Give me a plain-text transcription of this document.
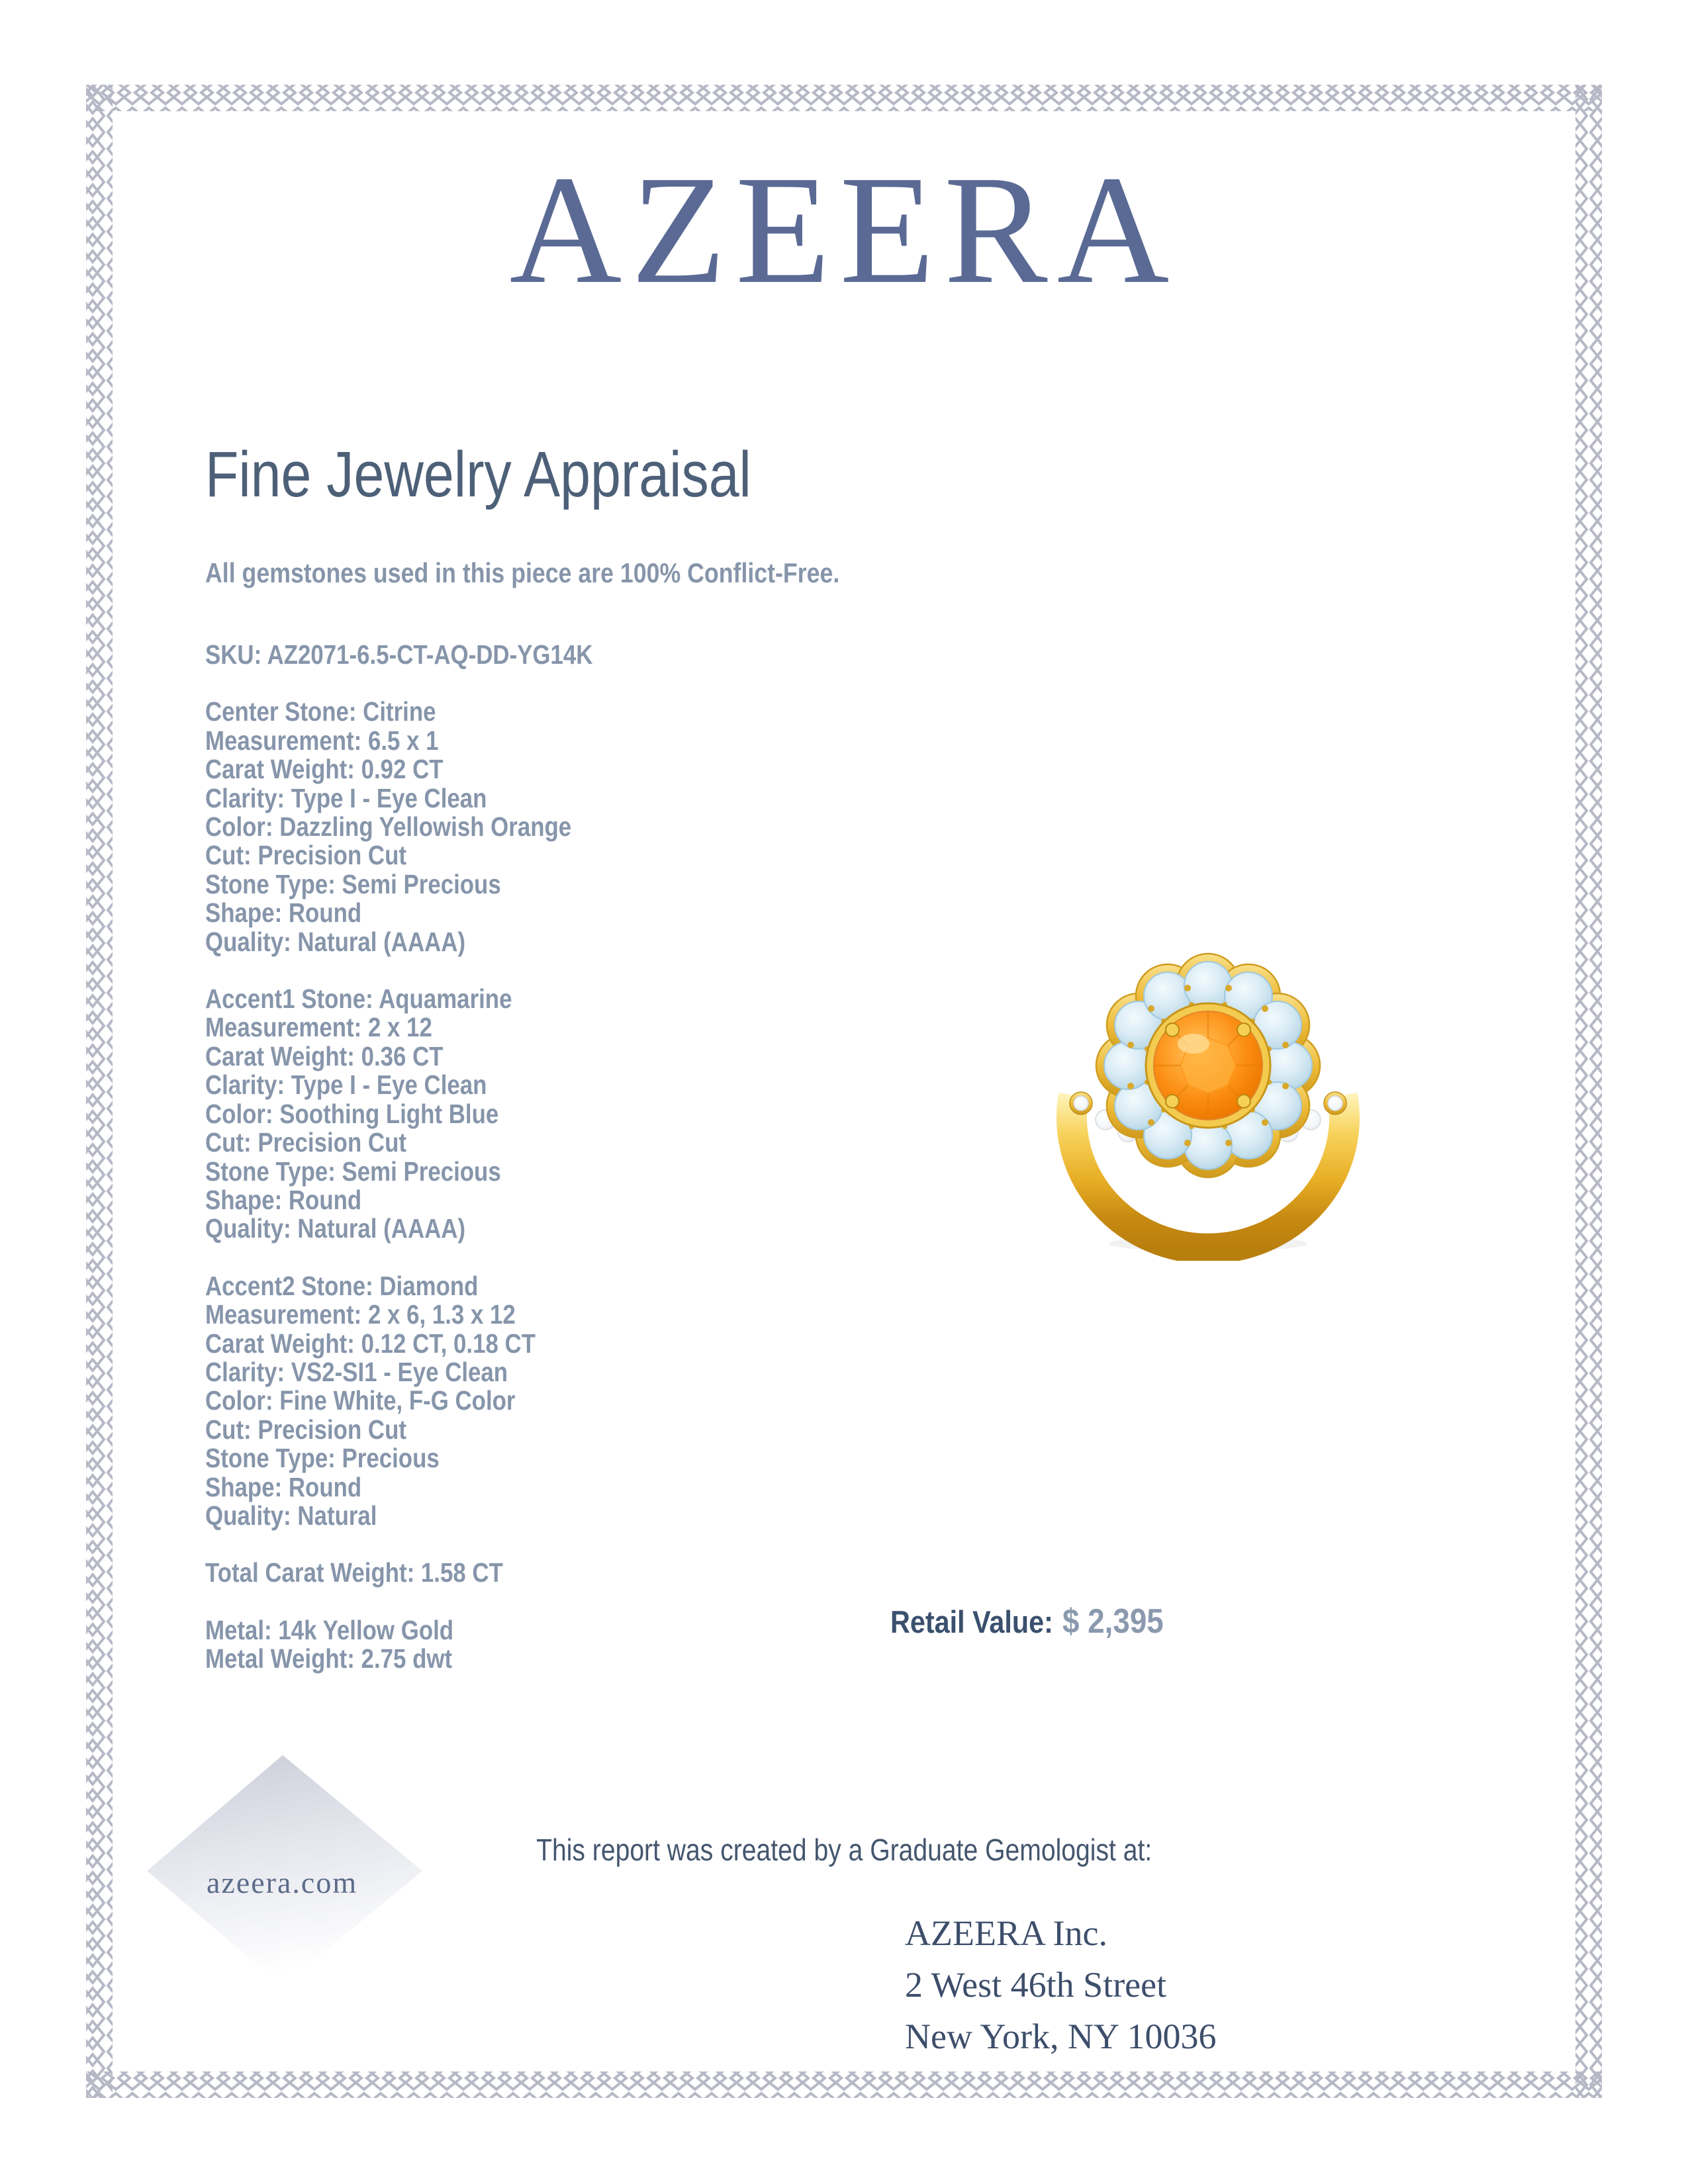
AZEERA
Fine Jewelry Appraisal
All gemstones used in this piece are 100% Conflict-Free.
SKU: AZ2071-6.5-CT-AQ-DD-YG14K
Center Stone: Citrine
Measurement: 6.5 x 1
Carat Weight: 0.92 CT
Clarity: Type I - Eye Clean
Color: Dazzling Yellowish Orange
Cut: Precision Cut
Stone Type: Semi Precious
Shape: Round
Quality: Natural (AAAA)
Accent1 Stone: Aquamarine
Measurement: 2 x 12
Carat Weight: 0.36 CT
Clarity: Type I - Eye Clean
Color: Soothing Light Blue
Cut: Precision Cut
Stone Type: Semi Precious
Shape: Round
Quality: Natural (AAAA)
Accent2 Stone: Diamond
Measurement: 2 x 6, 1.3 x 12
Carat Weight: 0.12 CT, 0.18 CT
Clarity: VS2-SI1 - Eye Clean
Color: Fine White, F-G Color
Cut: Precision Cut
Stone Type: Precious
Shape: Round
Quality: Natural
Total Carat Weight: 1.58 CT
Metal: 14k Yellow Gold
Metal Weight: 2.75 dwt
Retail Value: $ 2,395
This report was created by a Graduate Gemologist at:
azeera.com
AZEERA Inc.
2 West 46th Street
New York, NY 10036
